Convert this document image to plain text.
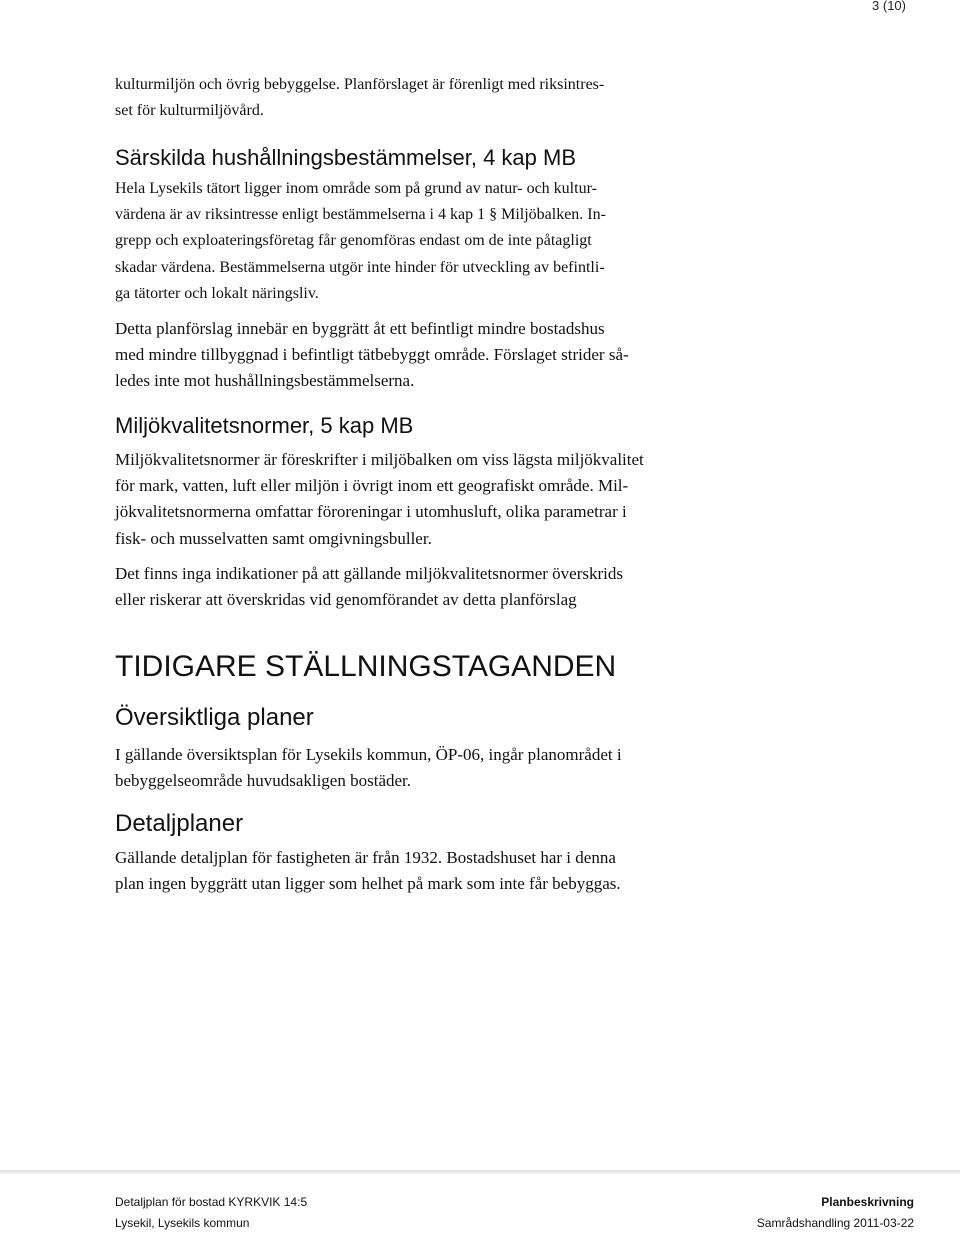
3 (10)
kulturmiljön och övrig bebyggelse. Planförslaget är förenligt med riksintres-
set för kulturmiljövård.
Särskilda hushållningsbestämmelser, 4 kap MB
Hela Lysekils tätort ligger inom område som på grund av natur- och kultur-
värdena är av riksintresse enligt bestämmelserna i 4 kap 1 § Miljöbalken. In-
grepp och exploateringsföretag får genomföras endast om de inte påtagligt
skadar värdena. Bestämmelserna utgör inte hinder för utveckling av befintli-
ga tätorter och lokalt näringsliv.
Detta planförslag innebär en byggrätt åt ett befintligt mindre bostadshus
med mindre tillbyggnad i befintligt tätbebyggt område. Förslaget strider så-
ledes inte mot hushållningsbestämmelserna.
Miljökvalitetsnormer, 5 kap MB
Miljökvalitetsnormer är föreskrifter i miljöbalken om viss lägsta miljökvalitet
för mark, vatten, luft eller miljön i övrigt inom ett geografiskt område. Mil-
jökvalitetsnormerna omfattar föroreningar i utomhusluft, olika parametrar i
fisk- och musselvatten samt omgivningsbuller.
Det finns inga indikationer på att gällande miljökvalitetsnormer överskrids
eller riskerar att överskridas vid genomförandet av detta planförslag
TIDIGARE STÄLLNINGSTAGANDEN
Översiktliga planer
I gällande översiktsplan för Lysekils kommun, ÖP-06, ingår planområdet i
bebyggelseområde huvudsakligen bostäder.
Detaljplaner
Gällande detaljplan för fastigheten är från 1932. Bostadshuset har i denna
plan ingen byggrätt utan ligger som helhet på mark som inte får bebyggas.
Detaljplan för bostad KYRKVIK 14:5
Lysekil, Lysekils kommun
Planbeskrivning
Samrådshandling 2011-03-22
